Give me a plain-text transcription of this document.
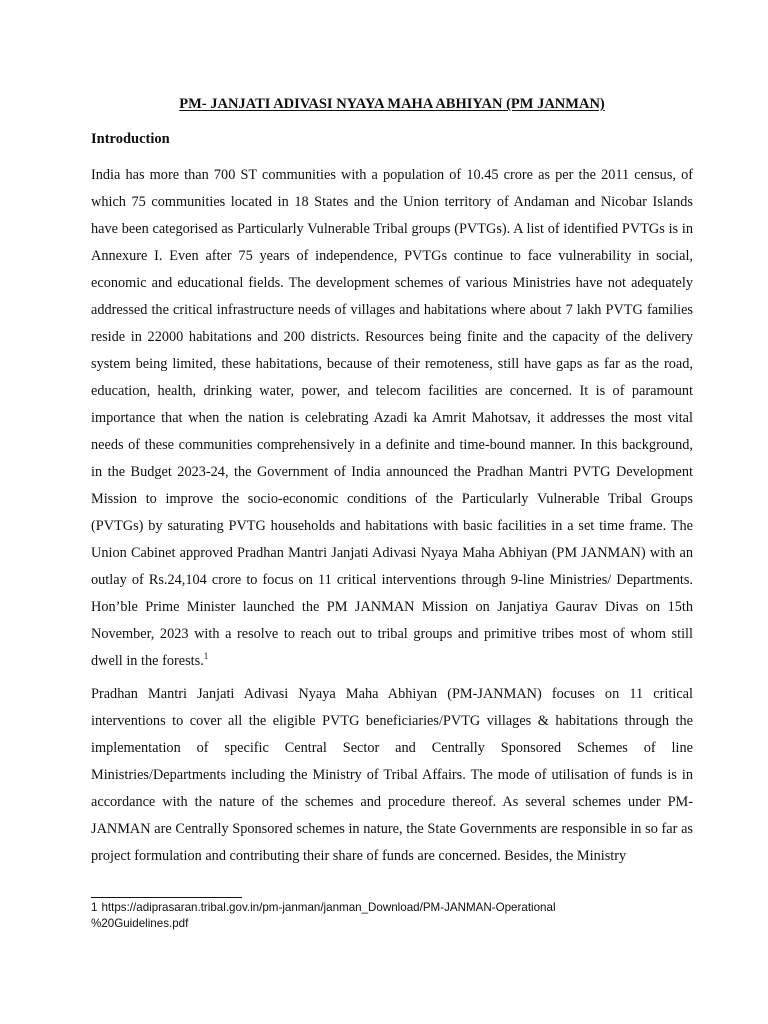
PM- JANJATI ADIVASI NYAYA MAHA ABHIYAN (PM JANMAN)
Introduction

India has more than 700 ST communities with a population of 10.45 crore as per the 2011 census, of which 75 communities located in 18 States and the Union territory of Andaman and Nicobar Islands have been categorised as Particularly Vulnerable Tribal groups (PVTGs). A list of identified PVTGs is in Annexure I. Even after 75 years of independence, PVTGs continue to face vulnerability in social, economic and educational fields. The development schemes of various Ministries have not adequately addressed the critical infrastructure needs of villages and habitations where about 7 lakh PVTG families reside in 22000 habitations and 200 districts. Resources being finite and the capacity of the delivery system being limited, these habitations, because of their remoteness, still have gaps as far as the road, education, health, drinking water, power, and telecom facilities are concerned. It is of paramount importance that when the nation is celebrating Azadi ka Amrit Mahotsav, it addresses the most vital needs of these communities comprehensively in a definite and time-bound manner. In this background, in the Budget 2023-24, the Government of India announced the Pradhan Mantri PVTG Development Mission to improve the socio-economic conditions of the Particularly Vulnerable Tribal Groups (PVTGs) by saturating PVTG households and habitations with basic facilities in a set time frame. The Union Cabinet approved Pradhan Mantri Janjati Adivasi Nyaya Maha Abhiyan (PM JANMAN) with an outlay of Rs.24,104 crore to focus on 11 critical interventions through 9-line Ministries/ Departments. Hon’ble Prime Minister launched the PM JANMAN Mission on Janjatiya Gaurav Divas on 15th November, 2023 with a resolve to reach out to tribal groups and primitive tribes most of whom still dwell in the forests.$^1$

Pradhan Mantri Janjati Adivasi Nyaya Maha Abhiyan (PM-JANMAN) focuses on 11 critical interventions to cover all the eligible PVTG beneficiaries/PVTG villages & habitations through the implementation of specific Central Sector and Centrally Sponsored Schemes of line Ministries/Departments including the Ministry of Tribal Affairs. The mode of utilisation of funds is in accordance with the nature of the schemes and procedure thereof. As several schemes under PM-JANMAN are Centrally Sponsored schemes in nature, the State Governments are responsible in so far as project formulation and contributing their share of funds are concerned. Besides, the Ministry

1 https://adiprasaran.tribal.gov.in/pm-janman/janman_Download/PM-JANMAN-Operational
%20Guidelines.pdf
